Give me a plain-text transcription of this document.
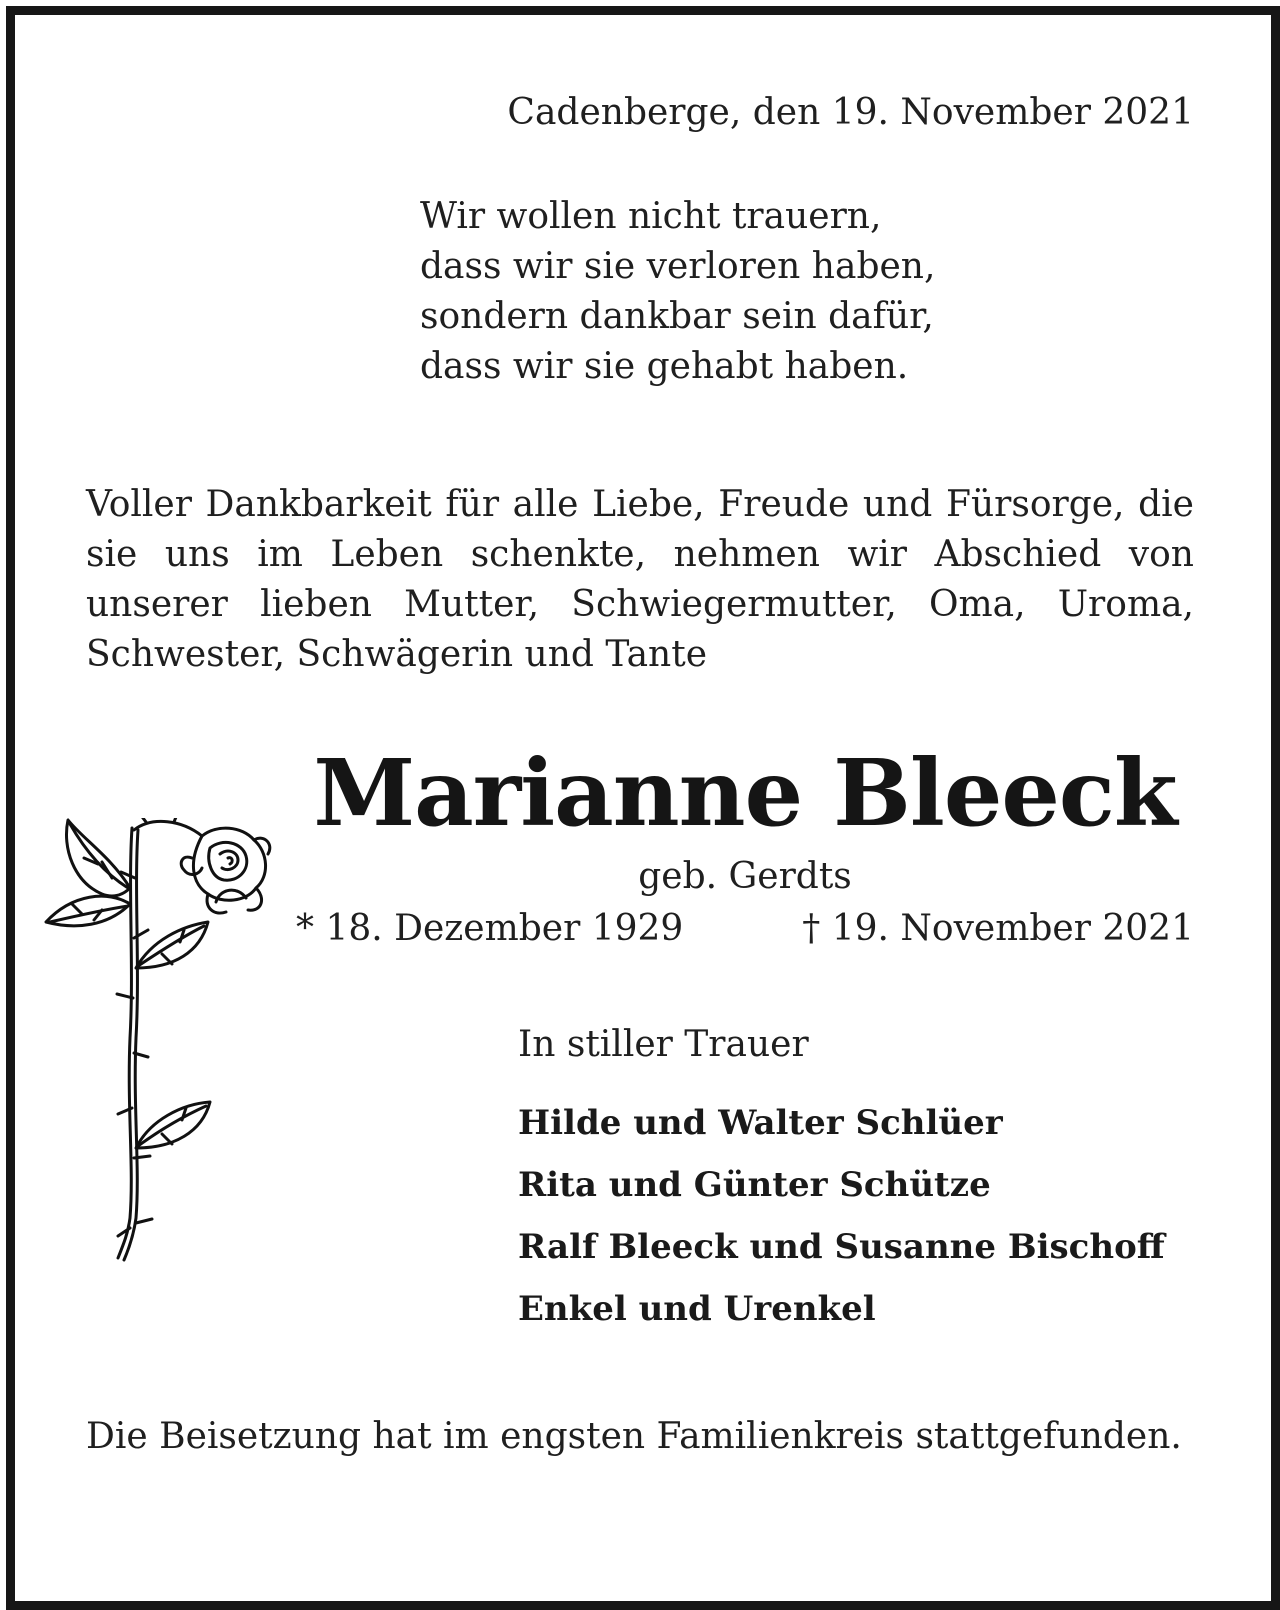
Cadenberge, den 19. November 2021
Wir wollen nicht trauern,
dass wir sie verloren haben,
sondern dankbar sein dafür,
dass wir sie gehabt haben.
Voller Dankbarkeit für alle Liebe, Freude und Fürsorge, die sie uns im Leben schenkte, nehmen wir Abschied von unserer lieben Mutter, Schwiegermutter, Oma, Uroma, Schwester, Schwägerin und Tante
Marianne Bleeck
geb. Gerdts
* 18. Dezember 1929	† 19. November 2021
In stiller Trauer
Hilde und Walter Schlüer
Rita und Günter Schütze
Ralf Bleeck und Susanne Bischoff
Enkel und Urenkel
Die Beisetzung hat im engsten Familienkreis stattgefunden.
